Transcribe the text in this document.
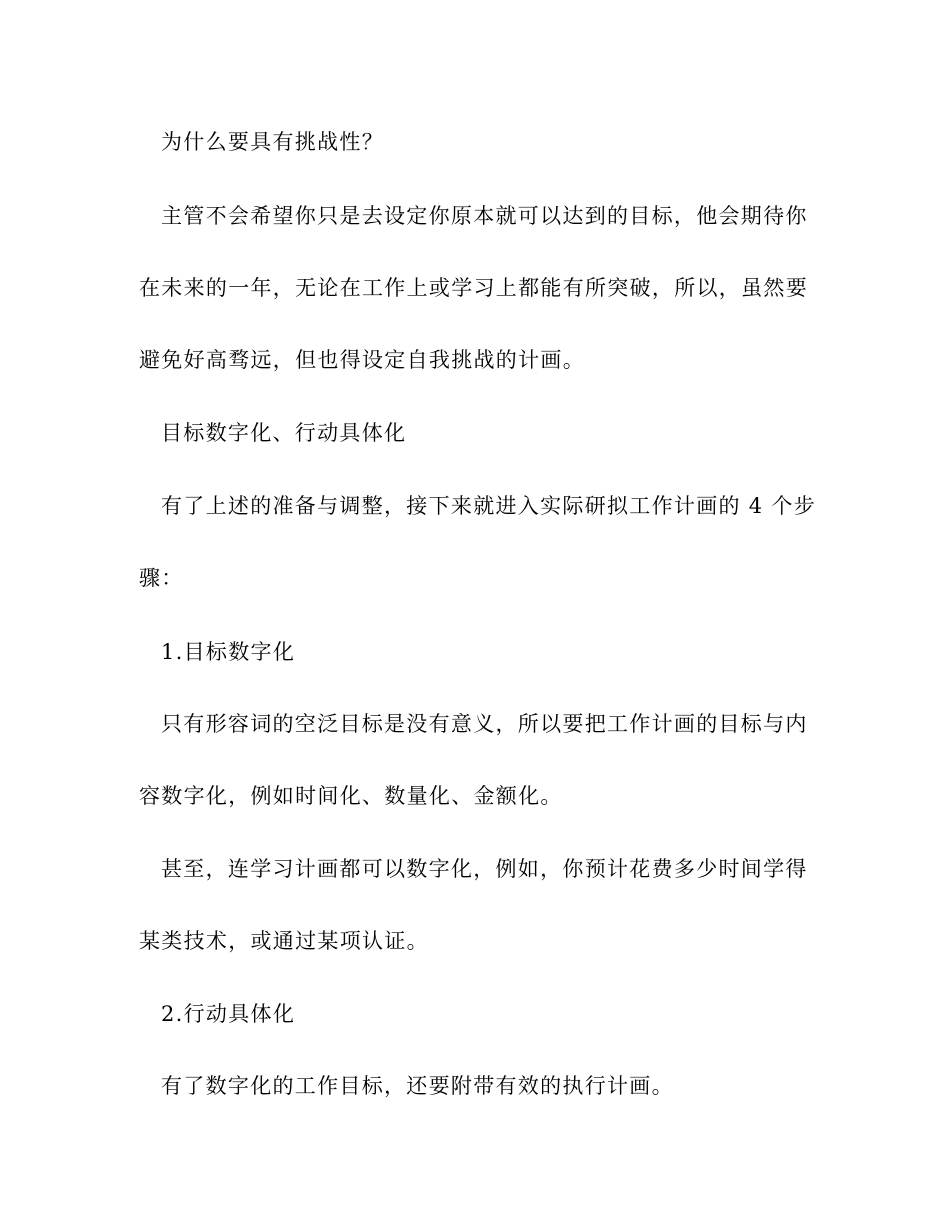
为什么要具有挑战性？

主管不会希望你只是去设定你原本就可以达到的目标，他会期待你在未来的一年，无论在工作上或学习上都能有所突破，所以，虽然要避免好高骛远，但也得设定自我挑战的计画。

目标数字化、行动具体化

有了上述的准备与调整，接下来就进入实际研拟工作计画的 4 个步骤：

1.目标数字化

只有形容词的空泛目标是没有意义，所以要把工作计画的目标与内容数字化，例如时间化、数量化、金额化。

甚至，连学习计画都可以数字化，例如，你预计花费多少时间学得某类技术，或通过某项认证。

2.行动具体化

有了数字化的工作目标，还要附带有效的执行计画。
